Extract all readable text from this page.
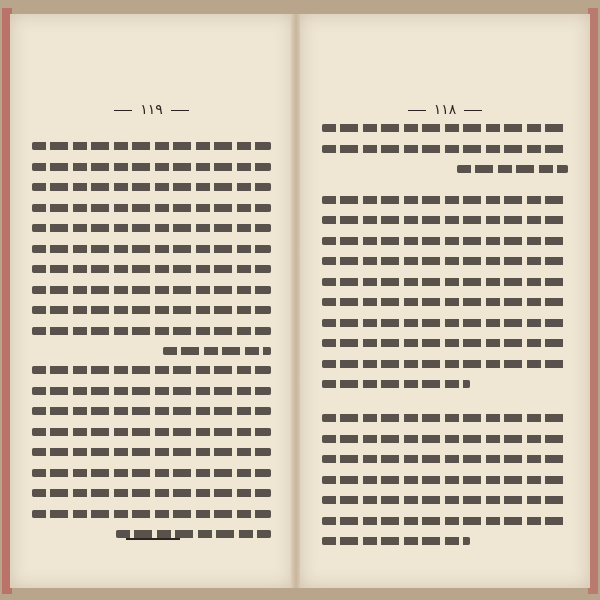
١١٩	١١٨
